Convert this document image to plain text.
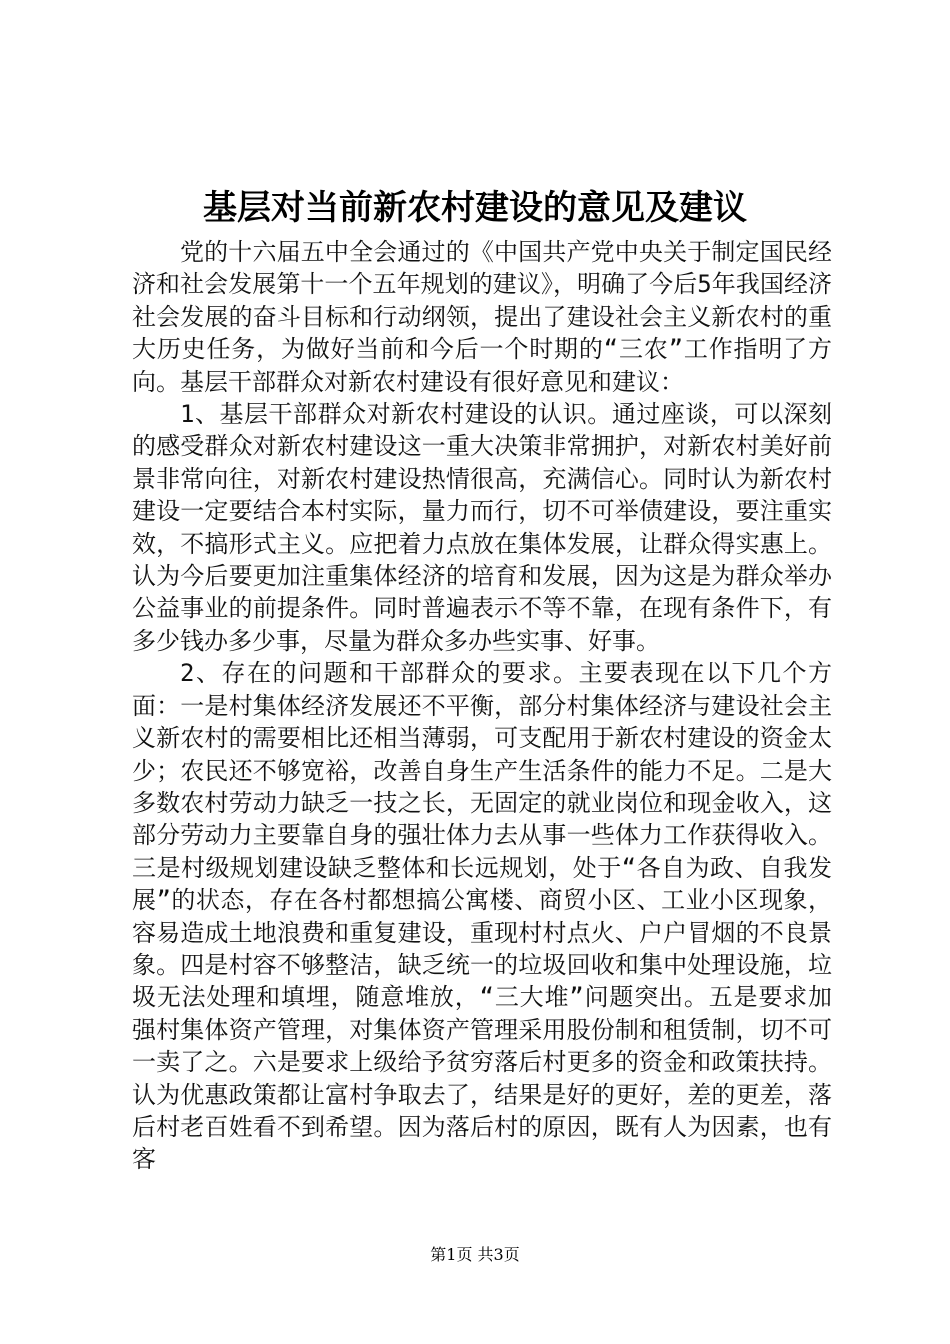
基层对当前新农村建设的意见及建议

党的十六届五中全会通过的《中国共产党中央关于制定国民经济和社会发展第十一个五年规划的建议》，明确了今后5年我国经济社会发展的奋斗目标和行动纲领，提出了建设社会主义新农村的重大历史任务，为做好当前和今后一个时期的“三农”工作指明了方向。基层干部群众对新农村建设有很好意见和建议：

1、基层干部群众对新农村建设的认识。通过座谈，可以深刻的感受群众对新农村建设这一重大决策非常拥护，对新农村美好前景非常向往，对新农村建设热情很高，充满信心。同时认为新农村建设一定要结合本村实际，量力而行，切不可举债建设，要注重实效，不搞形式主义。应把着力点放在集体发展，让群众得实惠上。认为今后要更加注重集体经济的培育和发展，因为这是为群众举办公益事业的前提条件。同时普遍表示不等不靠，在现有条件下，有多少钱办多少事，尽量为群众多办些实事、好事。

2、存在的问题和干部群众的要求。主要表现在以下几个方面：一是村集体经济发展还不平衡，部分村集体经济与建设社会主义新农村的需要相比还相当薄弱，可支配用于新农村建设的资金太少；农民还不够宽裕，改善自身生产生活条件的能力不足。二是大多数农村劳动力缺乏一技之长，无固定的就业岗位和现金收入，这部分劳动力主要靠自身的强壮体力去从事一些体力工作获得收入。三是村级规划建设缺乏整体和长远规划，处于“各自为政、自我发展”的状态，存在各村都想搞公寓楼、商贸小区、工业小区现象，容易造成土地浪费和重复建设，重现村村点火、户户冒烟的不良景象。四是村容不够整洁，缺乏统一的垃圾回收和集中处理设施，垃圾无法处理和填埋，随意堆放，“三大堆”问题突出。五是要求加强村集体资产管理，对集体资产管理采用股份制和租赁制，切不可一卖了之。六是要求上级给予贫穷落后村更多的资金和政策扶持。认为优惠政策都让富村争取去了，结果是好的更好，差的更差，落后村老百姓看不到希望。因为落后村的原因，既有人为因素，也有客

第1页 共3页
